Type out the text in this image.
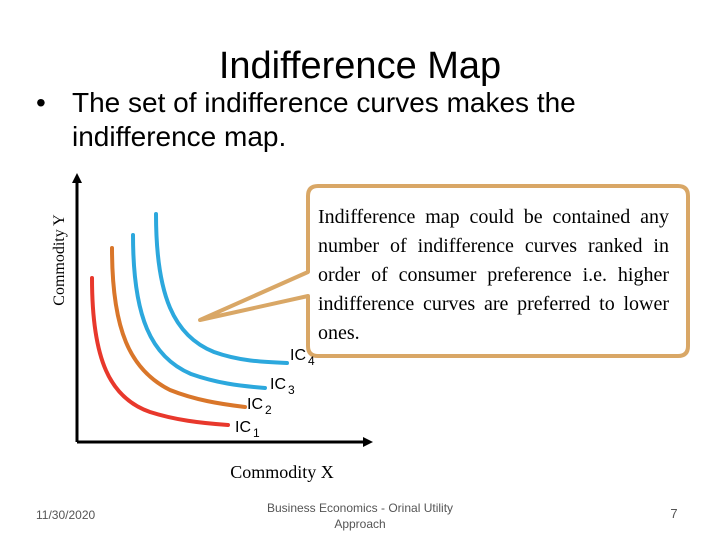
Indifference Map
• The set of indifference curves makes the indifference map.
Indifference map could be contained any number of indifference curves ranked in order of consumer preference i.e. higher indifference curves are preferred to lower ones.
Commodity Y
Commodity X
IC $_1$
IC $_2$
IC $_3$
IC $_4$
11/30/2020	Business Economics - Orinal Utility Approach
7
